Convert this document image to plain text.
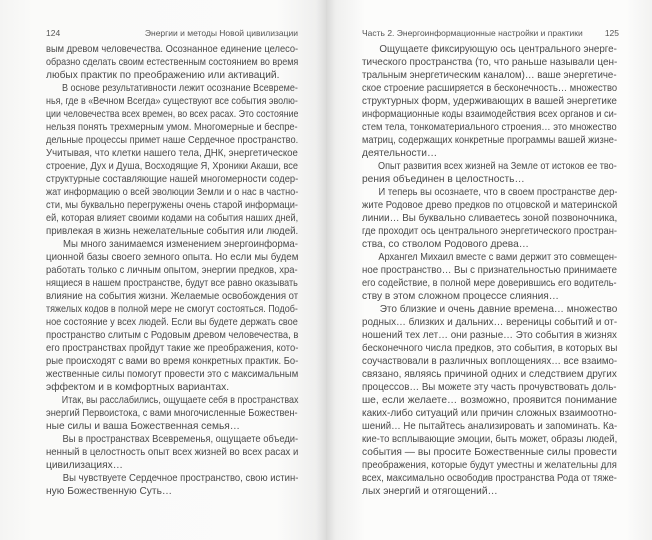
124	Энергии и методы Новой цивилизации
вым древом человечества. Осознанное единение целесо-
образно сделать своим естественным состоянием во время
любых практик по преображению или активаций.
В основе результативности лежит осознание Всевреме-
нья, где в «Вечном Всегда» существуют все события эволю-
ции человечества всех времен, во всех расах. Это состояние
нельзя понять трехмерным умом. Многомерные и беспре-
дельные процессы примет наше Сердечное пространство.
Учитывая, что клетки нашего тела, ДНК, энергетическое
строение, Дух и Душа, Восходящие Я, Хроники Акаши, все
структурные составляющие нашей многомерности содер-
жат информацию о всей эволюции Земли и о нас в частно-
сти, мы буквально перегружены очень старой информаци-
ей, которая влияет своими кодами на события наших дней,
привлекая в жизнь нежелательные события или людей.
Мы много занимаемся изменением энергоинформа-
ционной базы своего земного опыта. Но если мы будем
работать только с личным опытом, энергии предков, хра-
нящиеся в нашем пространстве, будут все равно оказывать
влияние на события жизни. Желаемые освобождения от
тяжелых кодов в полной мере не смогут состояться. Подоб-
ное состояние у всех людей. Если вы будете держать свое
пространство слитым с Родовым древом человечества, в
его пространствах пройдут такие же преображения, кото-
рые происходят с вами во время конкретных практик. Бо-
жественные силы помогут провести это с максимальным
эффектом и в комфортных вариантах.
Итак, вы расслабились, ощущаете себя в пространствах
энергий Первоистока, с вами многочисленные Божествен-
ные силы и ваша Божественная семья…
Вы в пространствах Всевременья, ощущаете объеди-
ненный в целостность опыт всех жизней во всех расах и
цивилизациях…
Вы чувствуете Сердечное пространство, свою истин-
ную Божественную Суть…
Часть 2. Энергоинформационные настройки и практики	125
Ощущаете фиксирующую ось центрального энерге-
тического пространства (то, что раньше называли цен-
тральным энергетическим каналом)… ваше энергетиче-
ское строение расширяется в бесконечность… множество
структурных форм, удерживающих в вашей энергетике
информационные коды взаимодействия всех органов и си-
стем тела, тонкоматериального строения… это множество
матриц, содержащих конкретные программы вашей жизне-
деятельности…
Опыт развития всех жизней на Земле от истоков ее тво-
рения объединен в целостность…
И теперь вы осознаете, что в своем пространстве дер-
жите Родовое древо предков по отцовской и материнской
линии… Вы буквально сливаетесь зоной позвоночника,
где проходит ось центрального энергетического простран-
ства, со стволом Родового древа…
Архангел Михаил вместе с вами держит это совмещен-
ное пространство… Вы с признательностью принимаете
его содействие, в полной мере доверившись его водитель-
ству в этом сложном процессе слияния…
Это близкие и очень давние времена… множество
родных… близких и дальних… вереницы событий и от-
ношений тех лет… они разные… Это события в жизнях
бесконечного числа предков, это события, в которых вы
соучаствовали в различных воплощениях… все взаимо-
связано, являясь причиной одних и следствием других
процессов… Вы можете эту часть прочувствовать доль-
ше, если желаете… возможно, проявится понимание
каких-либо ситуаций или причин сложных взаимоотно-
шений… Не пытайтесь анализировать и запоминать. Ка-
кие-то всплывающие эмоции, быть может, образы людей,
события — вы просите Божественные силы провести
преображения, которые будут уместны и желательны для
всех, максимально освободив пространства Рода от тяже-
лых энергий и отягощений…
